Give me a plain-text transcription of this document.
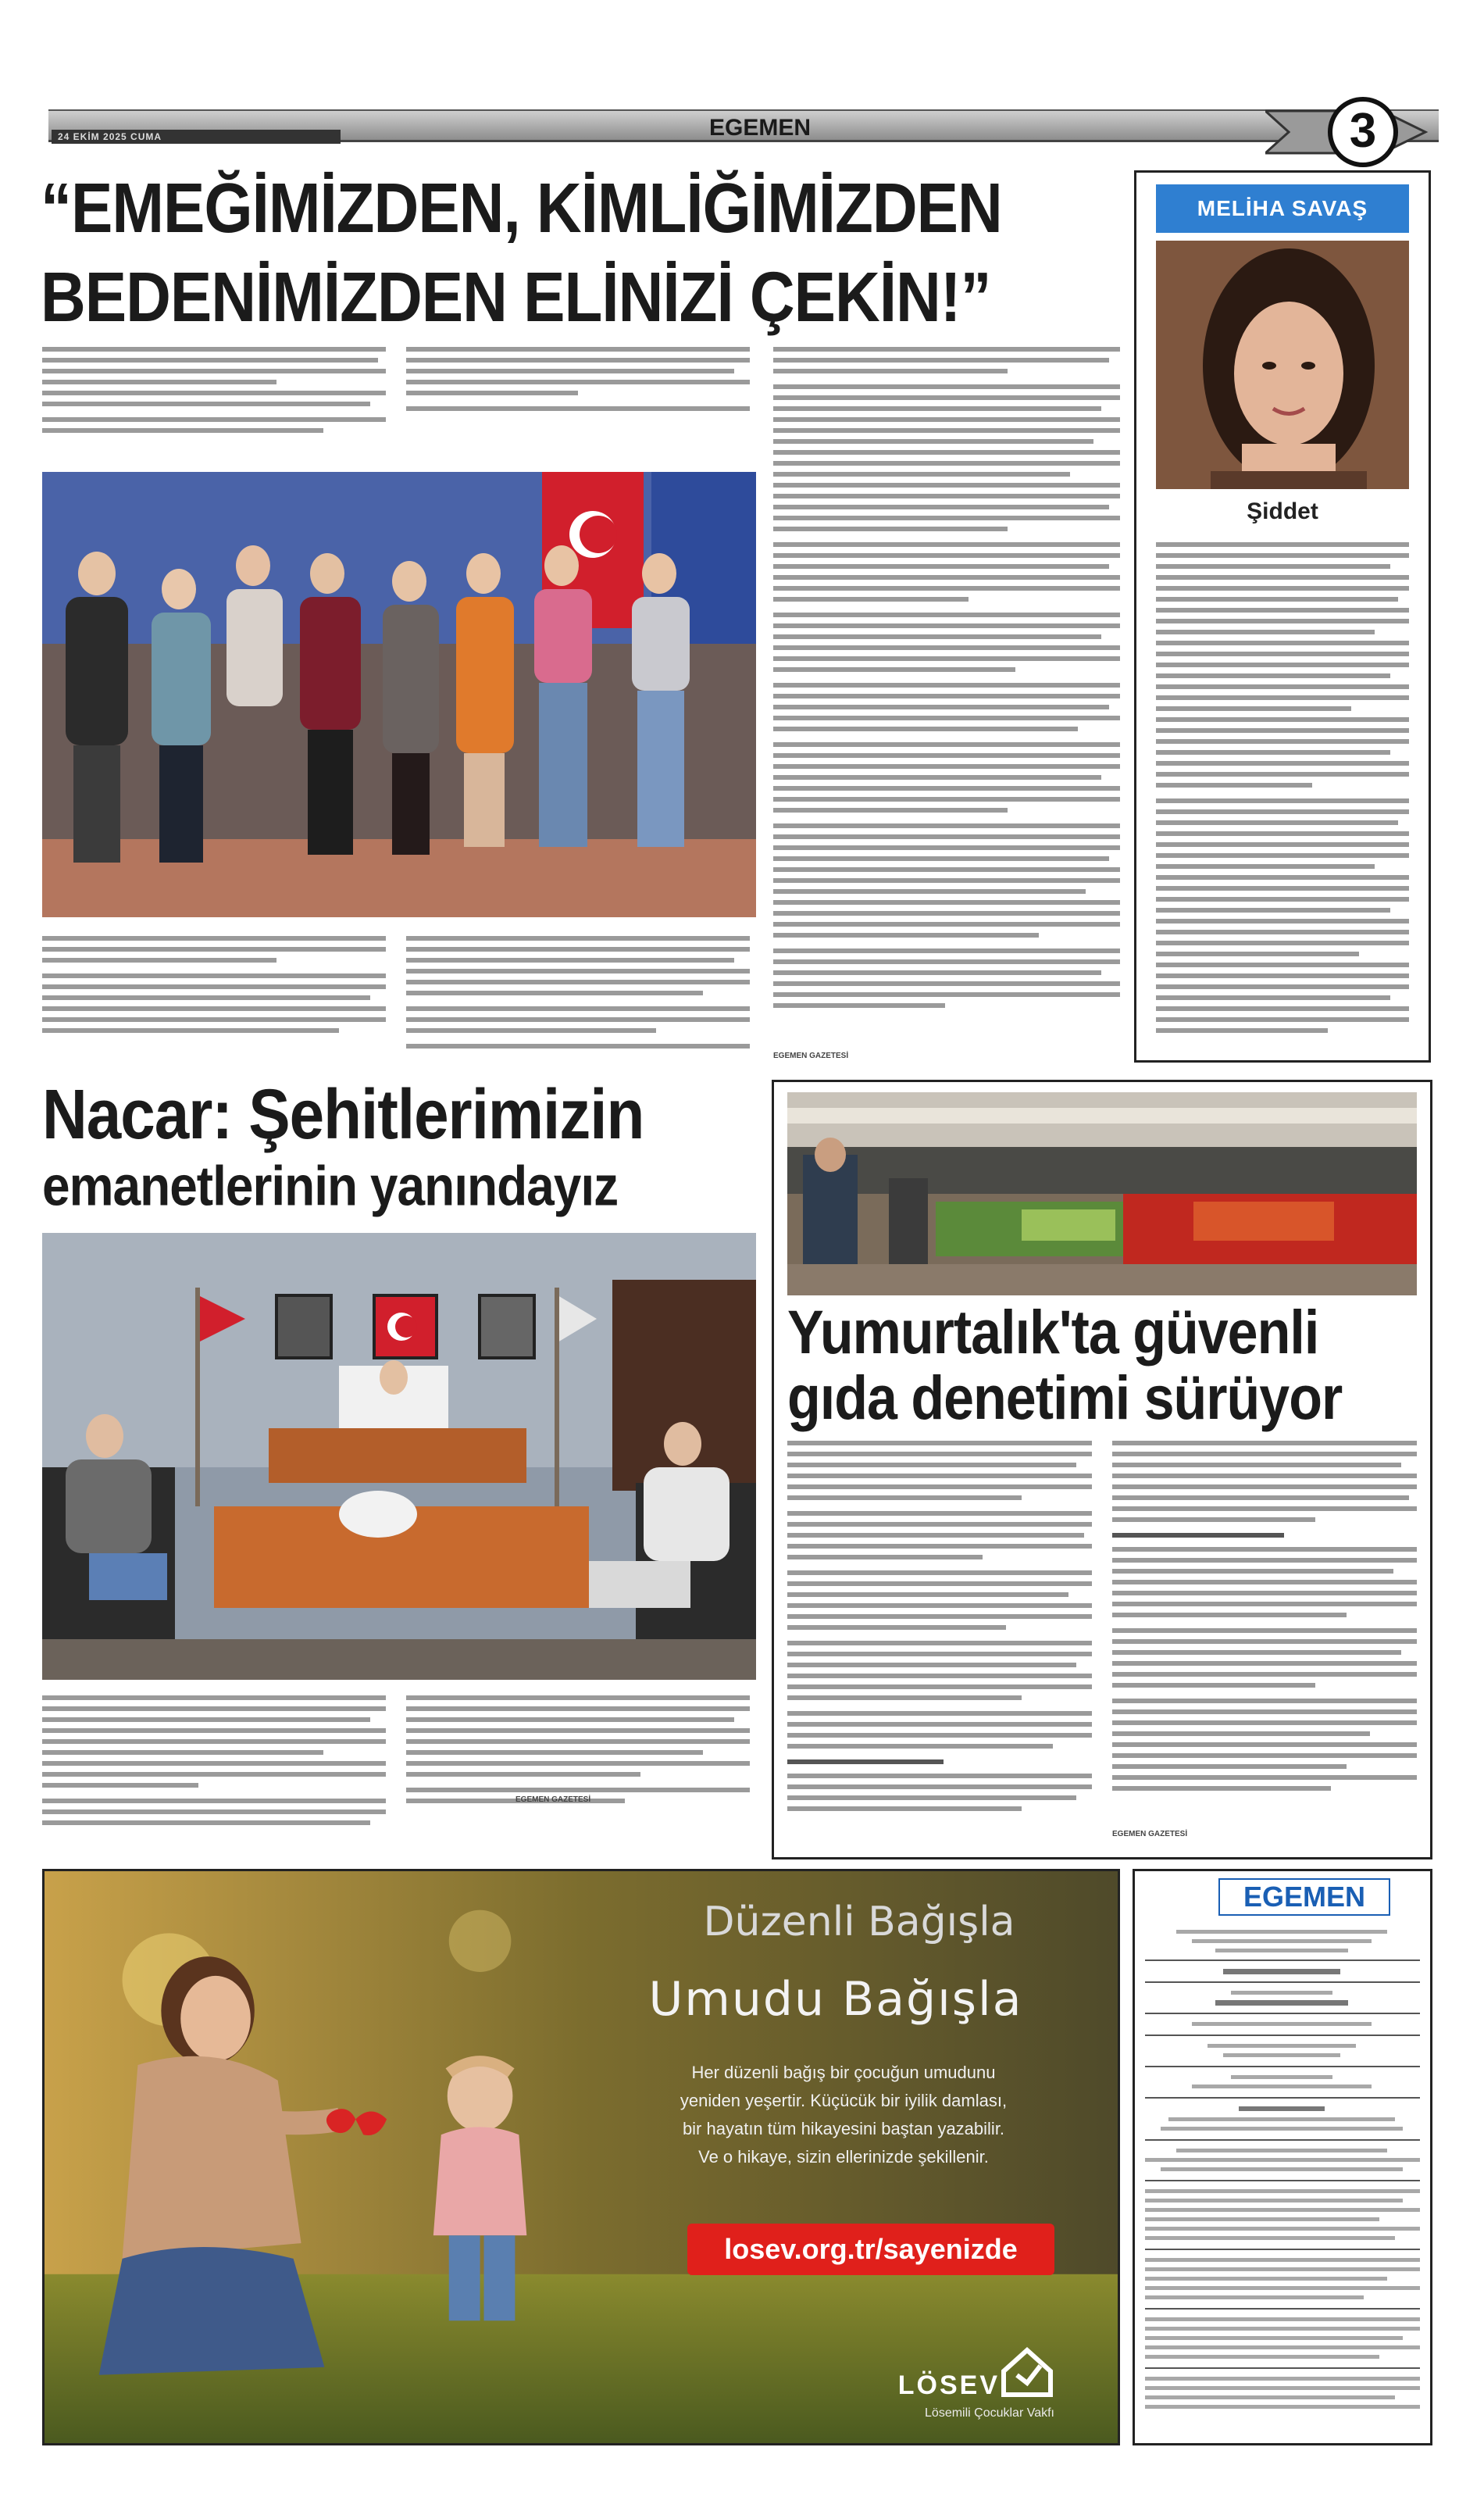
24 EKİM 2025 CUMA	EGEMEN	3
“EMEĞİMİZDEN, KİMLİĞİMİZDEN
BEDENİMİZDEN ELİNİZİ ÇEKİN!”
EGEMEN GAZETESİ
MELİHA SAVAŞ
Şiddet
Nacar: Şehitlerimizin
emanetlerinin yanındayız
EGEMEN GAZETESİ
Yumurtalık'ta güvenli
gıda denetimi sürüyor
EGEMEN GAZETESİ
Düzenli Bağışla
Umudu Bağışla
Her düzenli bağış bir çocuğun umudunu
yeniden yeşertir. Küçücük bir iyilik damlası,
bir hayatın tüm hikayesini baştan yazabilir.
Ve o hikaye, sizin ellerinizde şekillenir.
losev.org.tr/sayenizde
LÖSEV
Lösemili Çocuklar Vakfı
EGEMEN
